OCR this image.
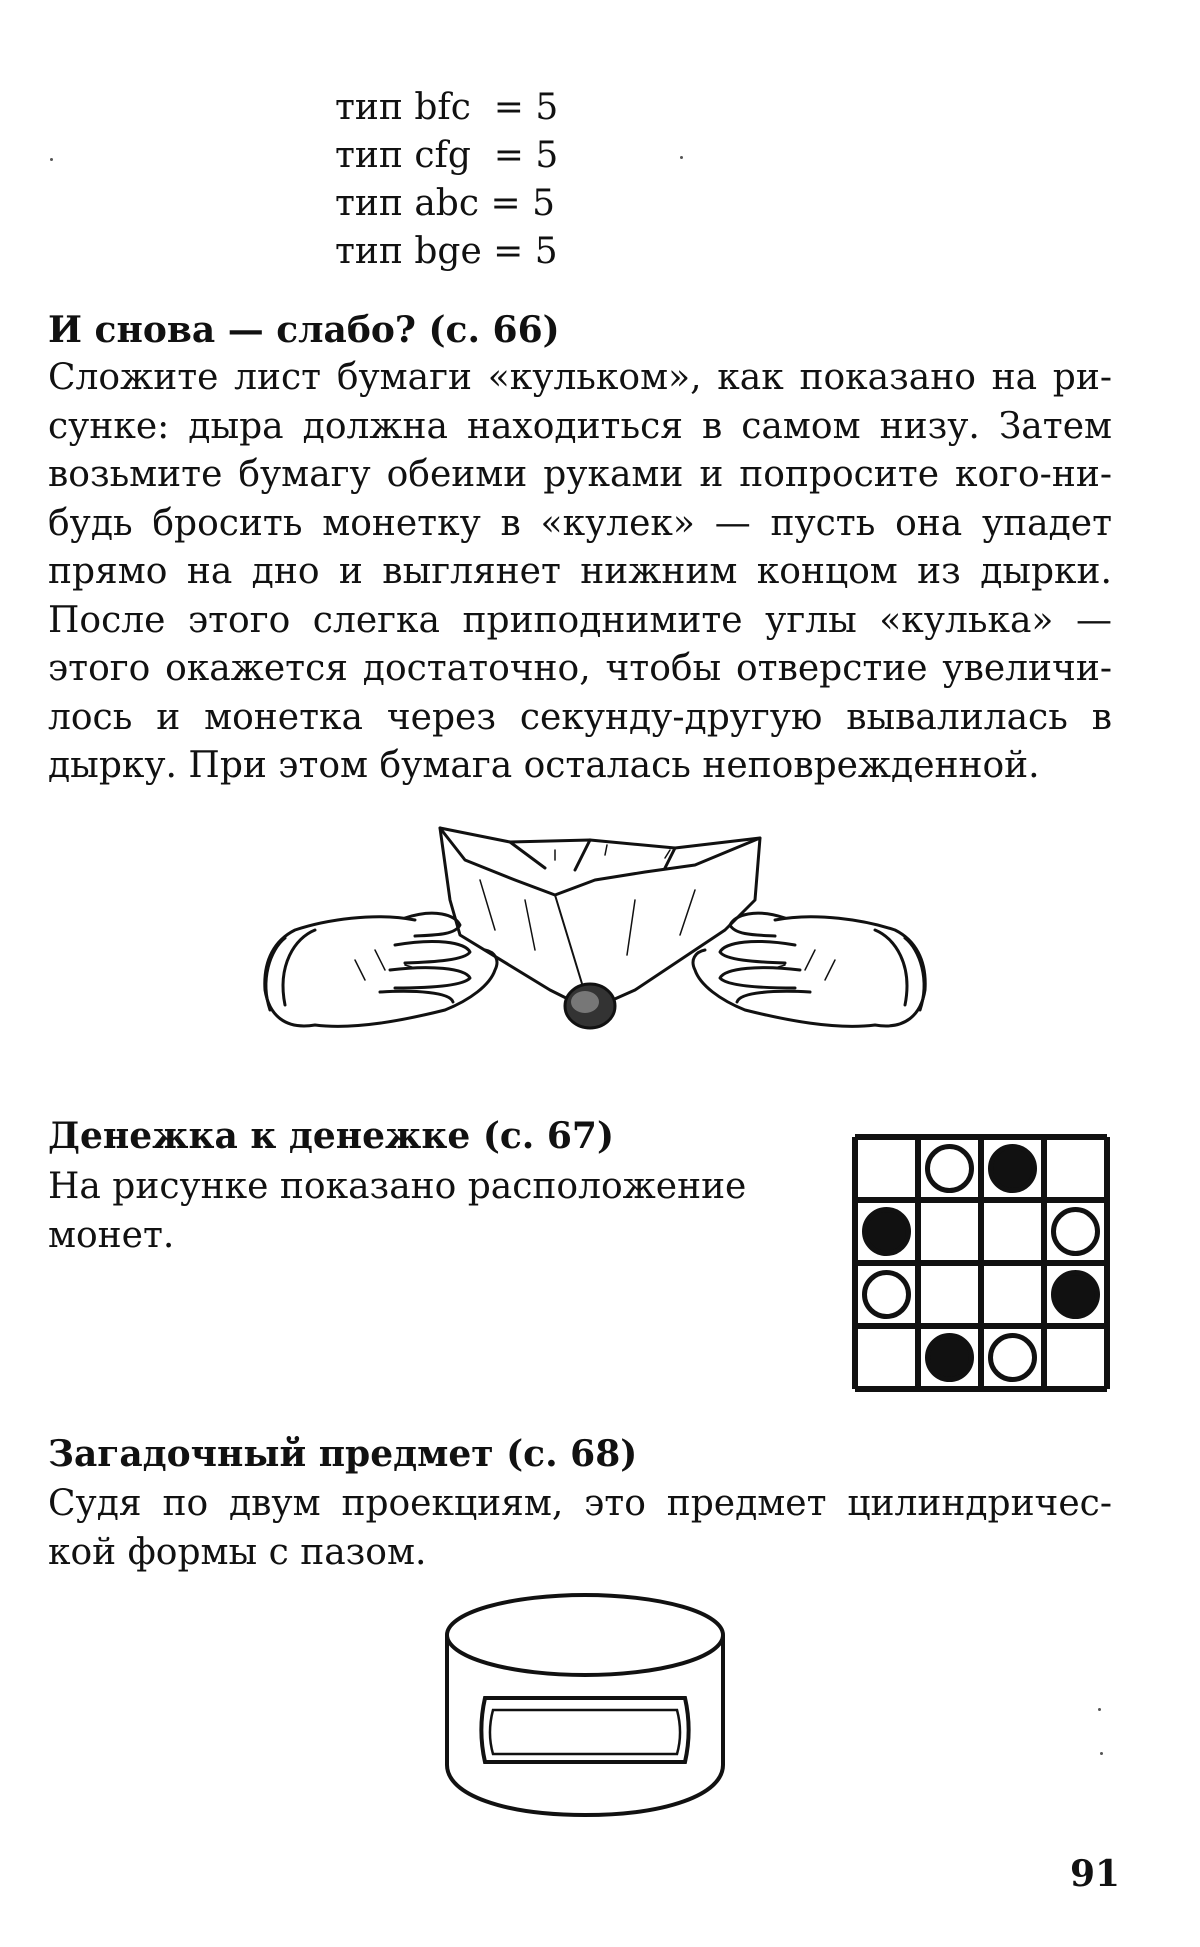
тип bfc  = 5
тип cfg  = 5
тип abc = 5
тип bge = 5
И снова — слабо? (с. 66)
Сложите лист бумаги «кульком», как показано на ри-
сунке: дыра должна находиться в самом низу. Затем
возьмите бумагу обеими руками и попросите кого-ни-
будь бросить монетку в «кулек» — пусть она упадет
прямо на дно и выглянет нижним концом из дырки.
После этого слегка приподнимите углы «кулька» —
этого окажется достаточно, чтобы отверстие увеличи-
лось и монетка через секунду-другую вывалилась в
дырку. При этом бумага осталась неповрежденной.
Денежка к денежке (с. 67)
На рисунке показано расположение
монет.
Загадочный предмет (с. 68)
Судя по двум проекциям, это предмет цилиндричес-
кой формы с пазом.
91
